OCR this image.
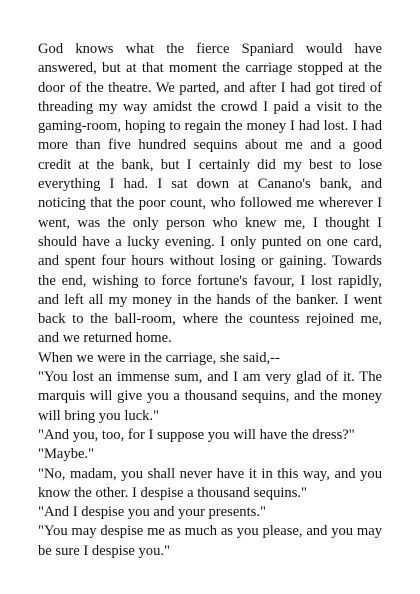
God knows what the fierce Spaniard would have answered, but at that moment the carriage stopped at the door of the theatre. We parted, and after I had got tired of threading my way amidst the crowd I paid a visit to the gaming-room, hoping to regain the money I had lost. I had more than five hundred sequins about me and a good credit at the bank, but I certainly did my best to lose everything I had. I sat down at Canano's bank, and noticing that the poor count, who followed me wherever I went, was the only person who knew me, I thought I should have a lucky evening. I only punted on one card, and spent four hours without losing or gaining. Towards the end, wishing to force fortune's favour, I lost rapidly, and left all my money in the hands of the banker. I went back to the ball-room, where the countess rejoined me, and we returned home.

When we were in the carriage, she said,--

"You lost an immense sum, and I am very glad of it. The marquis will give you a thousand sequins, and the money will bring you luck."

"And you, too, for I suppose you will have the dress?"

"Maybe."

"No, madam, you shall never have it in this way, and you know the other. I despise a thousand sequins."

"And I despise you and your presents."

"You may despise me as much as you please, and you may be sure I despise you."
